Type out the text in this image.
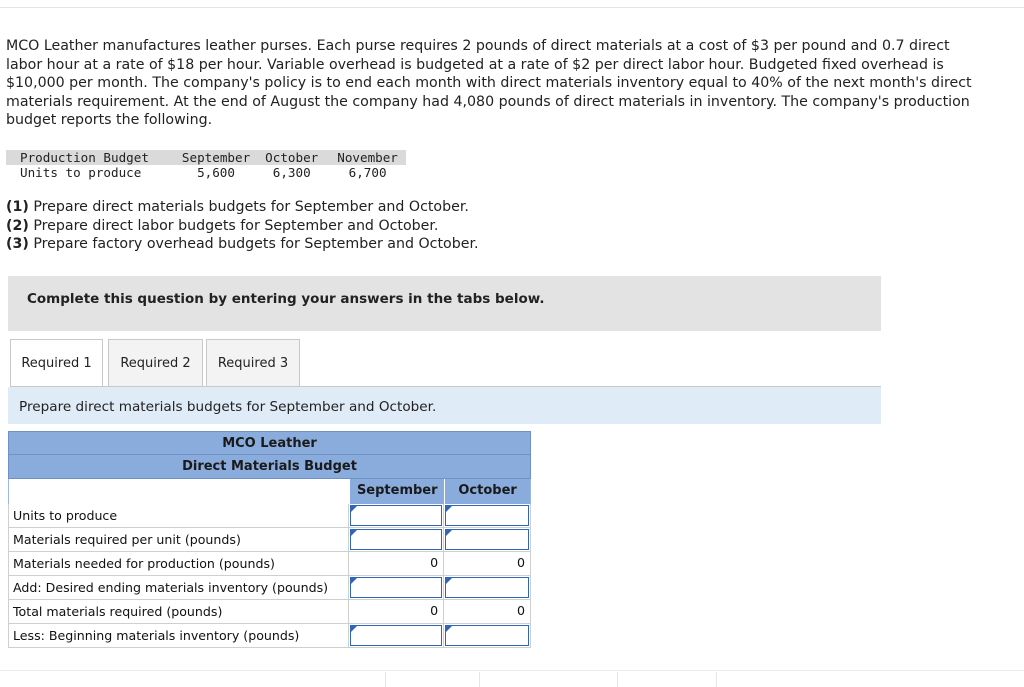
MCO Leather manufactures leather purses. Each purse requires 2 pounds of direct materials at a cost of $3 per pound and 0.7 direct labor hour at a rate of $18 per hour. Variable overhead is budgeted at a rate of $2 per direct labor hour. Budgeted fixed overhead is $10,000 per month. The company's policy is to end each month with direct materials inventory equal to 40% of the next month's direct materials requirement. At the end of August the company had 4,080 pounds of direct materials in inventory. The company's production budget reports the following.

Production Budget	September	October	November
Units to produce	5,600	6,300	6,700
(1) Prepare direct materials budgets for September and October.
(2) Prepare direct labor budgets for September and October.
(3) Prepare factory overhead budgets for September and October.
Complete this question by entering your answers in the tabs below.
Required 1	Required 2	Required 3
Prepare direct materials budgets for September and October.
MCO Leather
Direct Materials Budget
September	October
Units to produce
Materials required per unit (pounds)
Materials needed for production (pounds)	0	0
Add: Desired ending materials inventory (pounds)
Total materials required (pounds)	0	0
Less: Beginning materials inventory (pounds)
